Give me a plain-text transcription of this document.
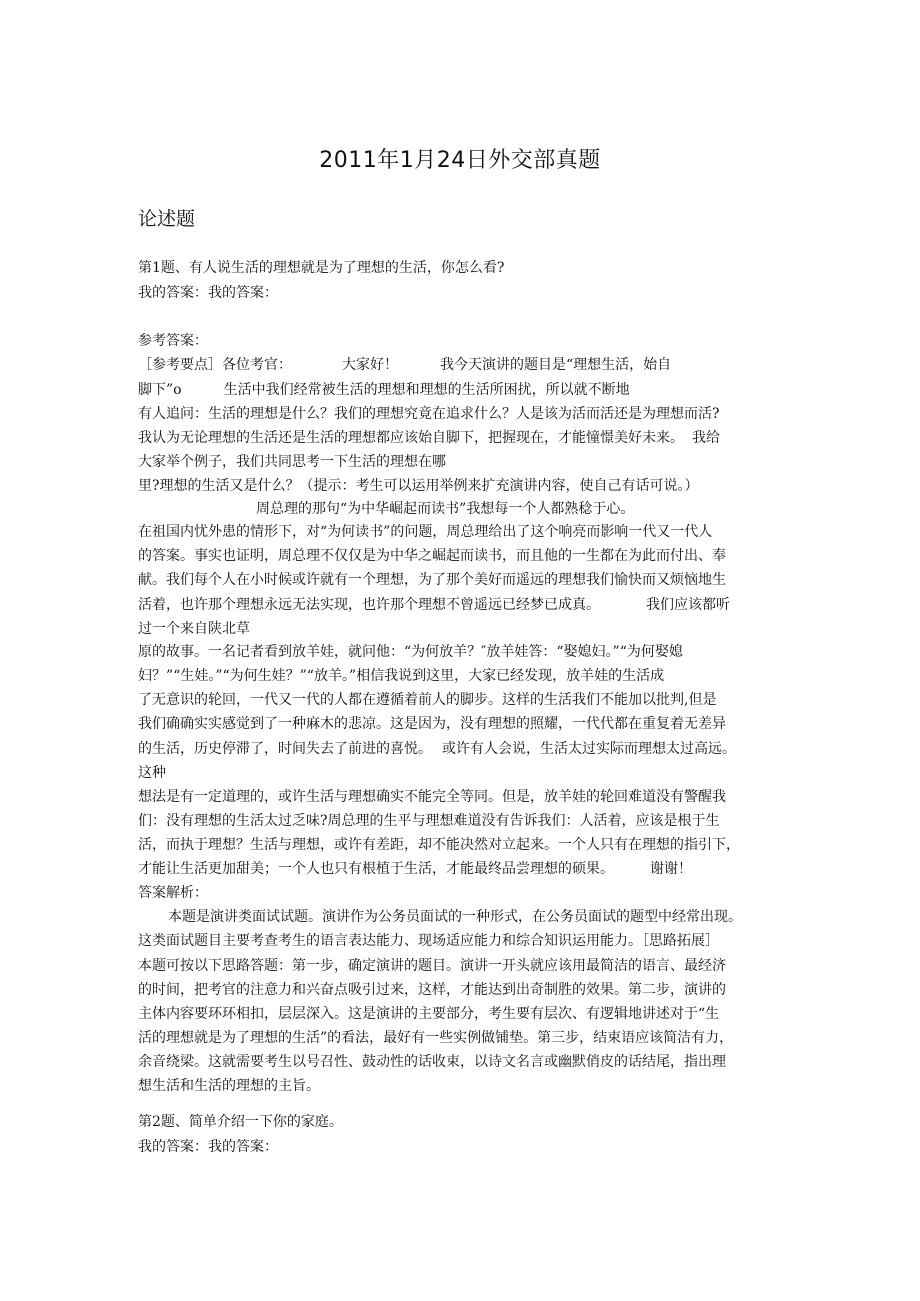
2011年1月24日外交部真题
论述题

第1题、有人说生活的理想就是为了理想的生活，你怎么看?

我的答案：我的答案：

参考答案：

［参考要点］各位考官：	大家好！	我今天演讲的题目是“理想生活，始自

脚下”o	生活中我们经常被生活的理想和理想的生活所困扰，所以就不断地

有人追问：生活的理想是什么？我们的理想究竟在追求什么？人是该为活而活还是为理想而活?

我认为无论理想的生活还是生活的理想都应该始自脚下，把握现在，才能憧憬美好未来。 我给

大家举个例子，我们共同思考一下生活的理想在哪

里?理想的生活又是什么？（提示：考生可以运用举例来扩充演讲内容，使自己有话可说。）

周总理的那句“为中华崛起而读书”我想每一个人都熟稔于心。

在祖国内忧外患的情形下，对“为何读书”的问题，周总理给出了这个响亮而影响一代又一代人

的答案。事实也证明，周总理不仅仅是为中华之崛起而读书，而且他的一生都在为此而付出、奉

献。我们每个人在小时候或许就有一个理想，为了那个美好而遥远的理想我们愉快而又烦恼地生

活着，也许那个理想永远无法实现，也许那个理想不曾遥远已经梦已成真。	我们应该都听

过一个来自陕北草

原的故事。一名记者看到放羊娃，就问他：“为何放羊？″放羊娃答：“娶媳妇。”“为何娶媳

妇？”“生娃。”“为何生娃？”“放羊。”相信我说到这里，大家已经发现，放羊娃的生活成

了无意识的轮回，一代又一代的人都在遵循着前人的脚步。这样的生活我们不能加以批判,但是

我们确确实实感觉到了一种麻木的悲凉。这是因为，没有理想的照耀，一代代都在重复着无差异

的生活，历史停滞了，时间失去了前进的喜悦。 或许有人会说，生活太过实际而理想太过高远。

这种

想法是有一定道理的，或许生活与理想确实不能完全等同。但是，放羊娃的轮回难道没有警醒我

们：没有理想的生活太过乏味?周总理的生平与理想难道没有告诉我们：人活着，应该是根于生

活，而执于理想？生活与理想，或许有差距，却不能决然对立起来。一个人只有在理想的指引下，

才能让生活更加甜美；一个人也只有根植于生活，才能最终品尝理想的硕果。	谢谢！

答案解析：

本题是演讲类面试试题。演讲作为公务员面试的一种形式，在公务员面试的题型中经常出现。

这类面试题目主要考查考生的语言表达能力、现场适应能力和综合知识运用能力。［思路拓展］

本题可按以下思路答题：第一步，确定演讲的题目。演讲一开头就应该用最简洁的语言、最经济

的时间，把考官的注意力和兴奋点吸引过来，这样，才能达到出奇制胜的效果。第二步，演讲的

主体内容要环环相扣，层层深入。这是演讲的主要部分，考生要有层次、有逻辑地讲述对于“生

活的理想就是为了理想的生活”的看法，最好有一些实例做铺垫。第三步，结束语应该简洁有力，

余音绕梁。这就需要考生以号召性、鼓动性的话收束，以诗文名言或幽默俏皮的话结尾，指出理

想生活和生活的理想的主旨。

第2题、简单介绍一下你的家庭。

我的答案：我的答案：
